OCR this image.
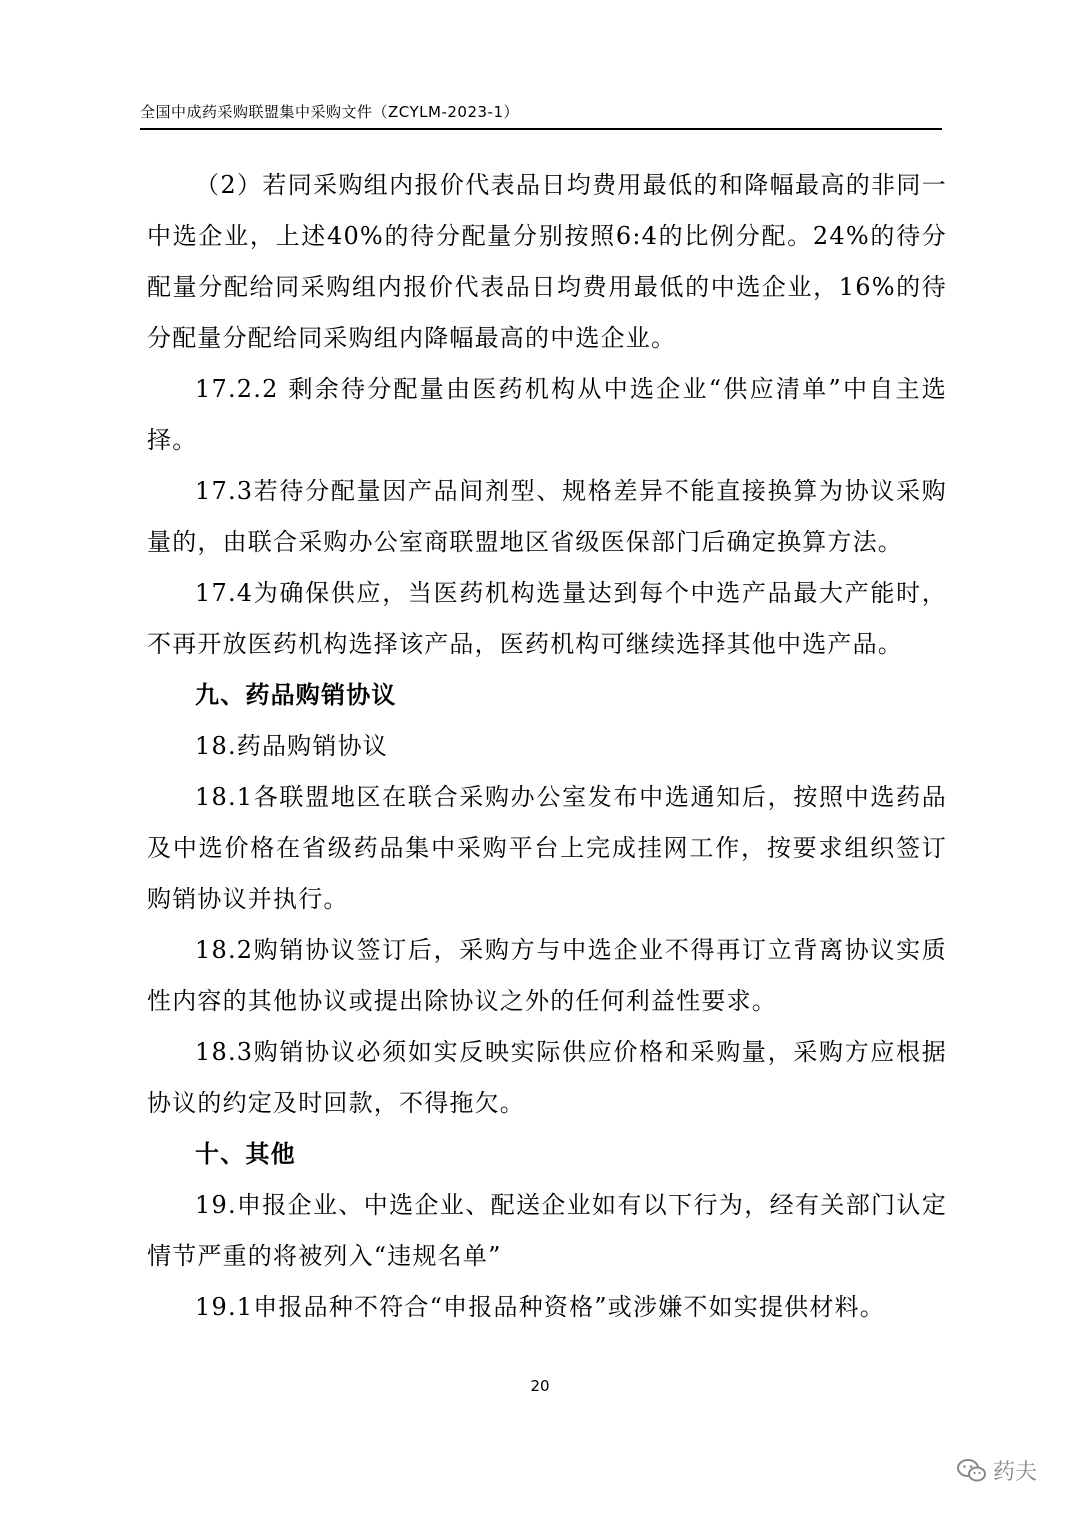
全国中成药采购联盟集中采购文件（ZCYLM-2023-1）

（2）若同采购组内报价代表品日均费用最低的和降幅最高的非同一中选企业，上述40%的待分配量分别按照6:4的比例分配。24%的待分配量分配给同采购组内报价代表品日均费用最低的中选企业，16%的待分配量分配给同采购组内降幅最高的中选企业。

17.2.2 剩余待分配量由医药机构从中选企业“供应清单”中自主选择。

17.3若待分配量因产品间剂型、规格差异不能直接换算为协议采购量的，由联合采购办公室商联盟地区省级医保部门后确定换算方法。

17.4为确保供应，当医药机构选量达到每个中选产品最大产能时，不再开放医药机构选择该产品，医药机构可继续选择其他中选产品。

九、药品购销协议

18.药品购销协议

18.1各联盟地区在联合采购办公室发布中选通知后，按照中选药品及中选价格在省级药品集中采购平台上完成挂网工作，按要求组织签订购销协议并执行。

18.2购销协议签订后，采购方与中选企业不得再订立背离协议实质性内容的其他协议或提出除协议之外的任何利益性要求。

18.3购销协议必须如实反映实际供应价格和采购量，采购方应根据协议的约定及时回款，不得拖欠。

十、其他

19.申报企业、中选企业、配送企业如有以下行为，经有关部门认定情节严重的将被列入“违规名单”

19.1申报品种不符合“申报品种资格”或涉嫌不如实提供材料。

20
药夫
